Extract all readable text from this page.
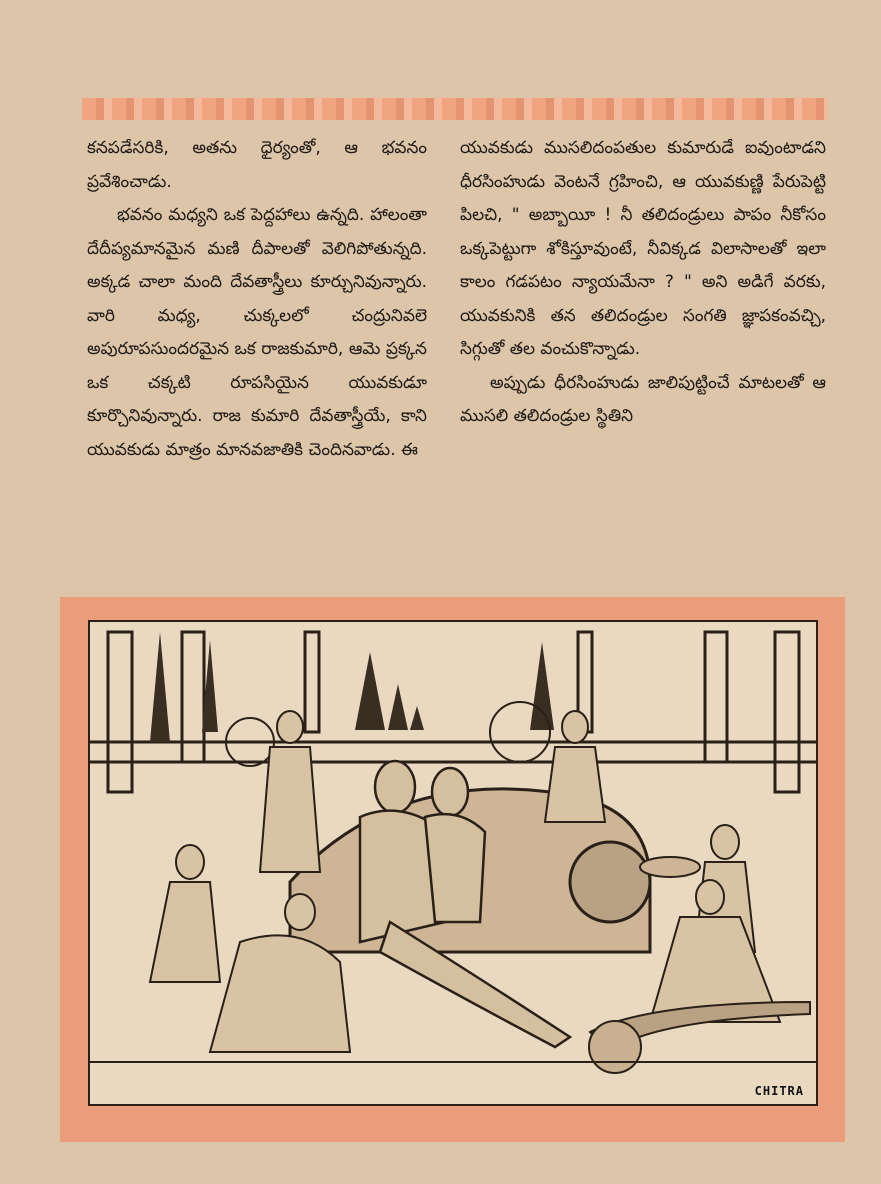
కనపడేసరికి, అతను ధైర్యంతో, ఆ భవనం ప్రవేశించాడు.

భవనం మధ్యని ఒక పెద్దహాలు ఉన్నది. హాలంతా దేదీప్యమానమైన మణి దీపాలతో వెలిగిపోతున్నది. అక్కడ చాలా మంది దేవతాస్త్రీలు కూర్చునివున్నారు. వారి మధ్య, చుక్కలలో చంద్రునివలె అపురూపసుందరమైన ఒక రాజకుమారి, ఆమె ప్రక్కన ఒక చక్కటి రూపసియైన యువకుడూ కూర్చొనివున్నారు. రాజ కుమారి దేవతాస్త్రీయే, కాని యువకుడు మాత్రం మానవజాతికి చెందినవాడు. ఈ

యువకుడు ముసలిదంపతుల కుమారుడే ఐవుంటాడని ధీరసింహుడు వెంటనే గ్రహించి, ఆ యువకుణ్ణి పేరుపెట్టి పిలచి, " అబ్బాయీ ! నీ తలిదండ్రులు పాపం నీకోసం ఒక్కపెట్టుగా శోకిస్తూవుంటే, నీవిక్కడ విలాసాలతో ఇలా కాలం గడపటం న్యాయమేనా ? " అని అడిగే వరకు, యువకునికి తన తలిదండ్రుల సంగతి జ్ఞాపకంవచ్చి, సిగ్గుతో తల వంచుకొన్నాడు.

అప్పుడు ధీరసింహుడు జాలిపుట్టించే మాటలతో ఆ ముసలి తలిదండ్రుల స్థితిని

CHITRA
